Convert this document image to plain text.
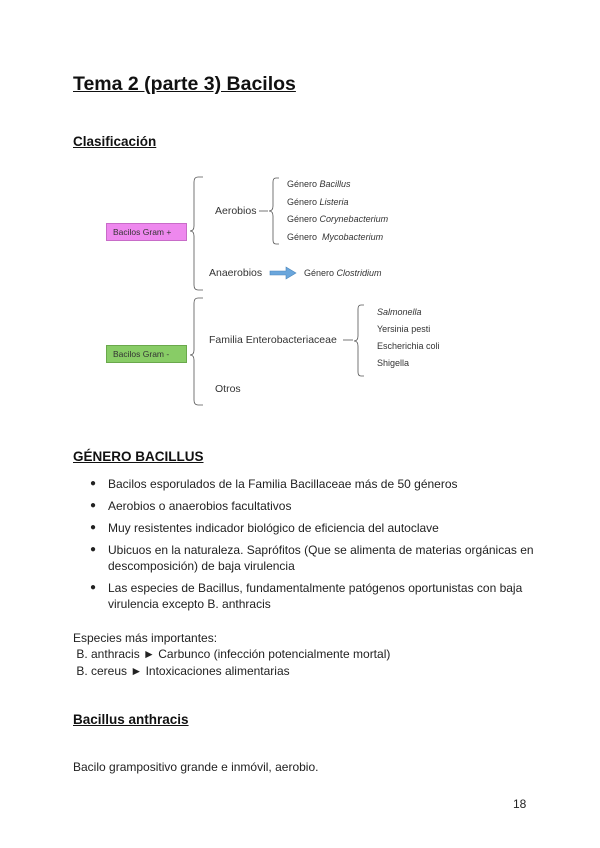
Tema 2 (parte 3) Bacilos
Clasificación
Bacilos Gram +
Bacilos Gram -
Aerobios
Anaerobios
Género Bacillus
Género Listeria
Género Corynebacterium
Género Mycobacterium
Género Clostridium
Familia Enterobacteriaceae
Otros
Salmonella
Yersinia pesti
Escherichia coli
Shigella
GÉNERO BACILLUS
● Bacilos esporulados de la Familia Bacillaceae más de 50 géneros
● Aerobios o anaerobios facultativos
● Muy resistentes indicador biológico de eficiencia del autoclave
● Ubicuos en la naturaleza. Saprófitos (Que se alimenta de materias orgánicas en descomposición) de baja virulencia
● Las especies de Bacillus, fundamentalmente patógenos oportunistas con baja virulencia excepto B. anthracis
Especies más importantes:
B. anthracis ► Carbunco (infección potencialmente mortal)
B. cereus ► Intoxicaciones alimentarias
Bacillus anthracis
Bacilo grampositivo grande e inmóvil, aerobio.
18
